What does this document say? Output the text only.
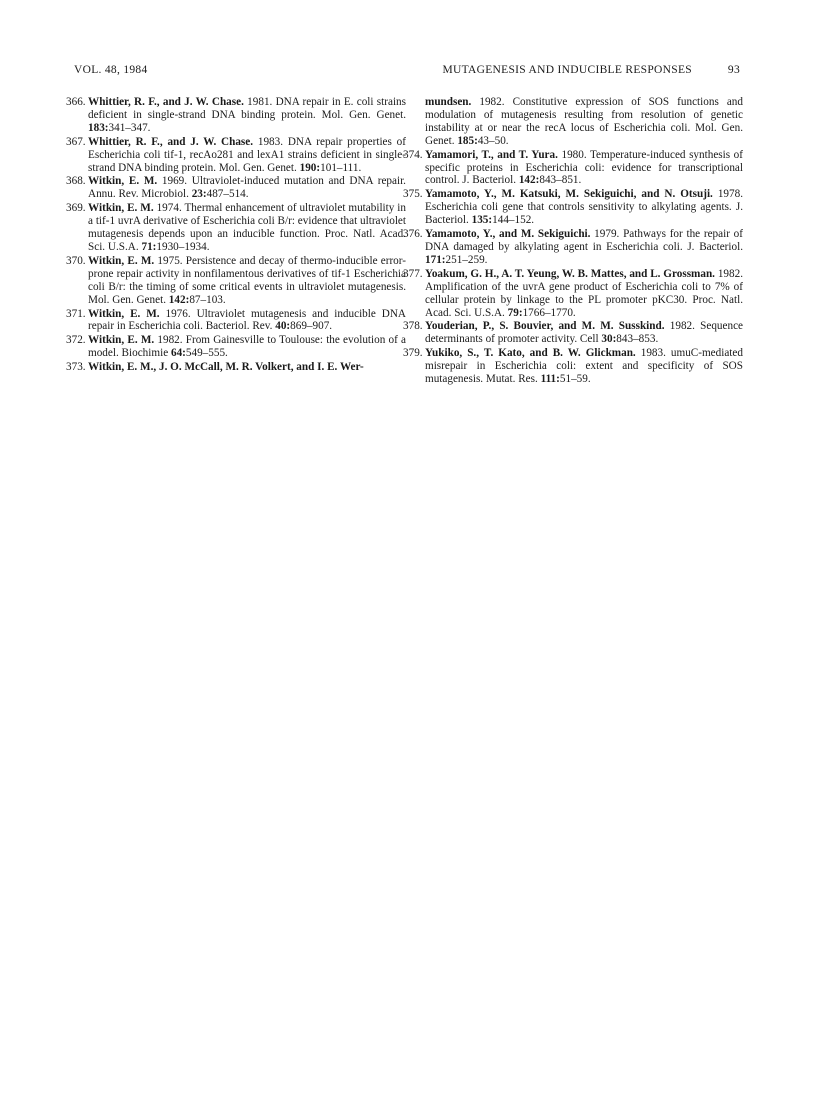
VOL. 48, 1984	MUTAGENESIS AND INDUCIBLE RESPONSES	93
366. Whittier, R. F., and J. W. Chase. 1981. DNA repair in E. coli strains deficient in single-strand DNA binding protein. Mol. Gen. Genet. 183:341–347.
367. Whittier, R. F., and J. W. Chase. 1983. DNA repair properties of Escherichia coli tif-1, recAo281 and lexA1 strains deficient in single-strand DNA binding protein. Mol. Gen. Genet. 190:101–111.
368. Witkin, E. M. 1969. Ultraviolet-induced mutation and DNA repair. Annu. Rev. Microbiol. 23:487–514.
369. Witkin, E. M. 1974. Thermal enhancement of ultraviolet mutability in a tif-1 uvrA derivative of Escherichia coli B/r: evidence that ultraviolet mutagenesis depends upon an inducible function. Proc. Natl. Acad. Sci. U.S.A. 71:1930–1934.
370. Witkin, E. M. 1975. Persistence and decay of thermo-inducible error-prone repair activity in nonfilamentous derivatives of tif-1 Escherichia coli B/r: the timing of some critical events in ultraviolet mutagenesis. Mol. Gen. Genet. 142:87–103.
371. Witkin, E. M. 1976. Ultraviolet mutagenesis and inducible DNA repair in Escherichia coli. Bacteriol. Rev. 40:869–907.
372. Witkin, E. M. 1982. From Gainesville to Toulouse: the evolution of a model. Biochimie 64:549–555.
373. Witkin, E. M., J. O. McCall, M. R. Volkert, and I. E. Wer-
mundsen. 1982. Constitutive expression of SOS functions and modulation of mutagenesis resulting from resolution of genetic instability at or near the recA locus of Escherichia coli. Mol. Gen. Genet. 185:43–50.
374. Yamamori, T., and T. Yura. 1980. Temperature-induced synthesis of specific proteins in Escherichia coli: evidence for transcriptional control. J. Bacteriol. 142:843–851.
375. Yamamoto, Y., M. Katsuki, M. Sekiguichi, and N. Otsuji. 1978. Escherichia coli gene that controls sensitivity to alkylating agents. J. Bacteriol. 135:144–152.
376. Yamamoto, Y., and M. Sekiguichi. 1979. Pathways for the repair of DNA damaged by alkylating agent in Escherichia coli. J. Bacteriol. 171:251–259.
377. Yoakum, G. H., A. T. Yeung, W. B. Mattes, and L. Grossman. 1982. Amplification of the uvrA gene product of Escherichia coli to 7% of cellular protein by linkage to the PL promoter pKC30. Proc. Natl. Acad. Sci. U.S.A. 79:1766–1770.
378. Youderian, P., S. Bouvier, and M. M. Susskind. 1982. Sequence determinants of promoter activity. Cell 30:843–853.
379. Yukiko, S., T. Kato, and B. W. Glickman. 1983. umuC-mediated misrepair in Escherichia coli: extent and specificity of SOS mutagenesis. Mutat. Res. 111:51–59.
